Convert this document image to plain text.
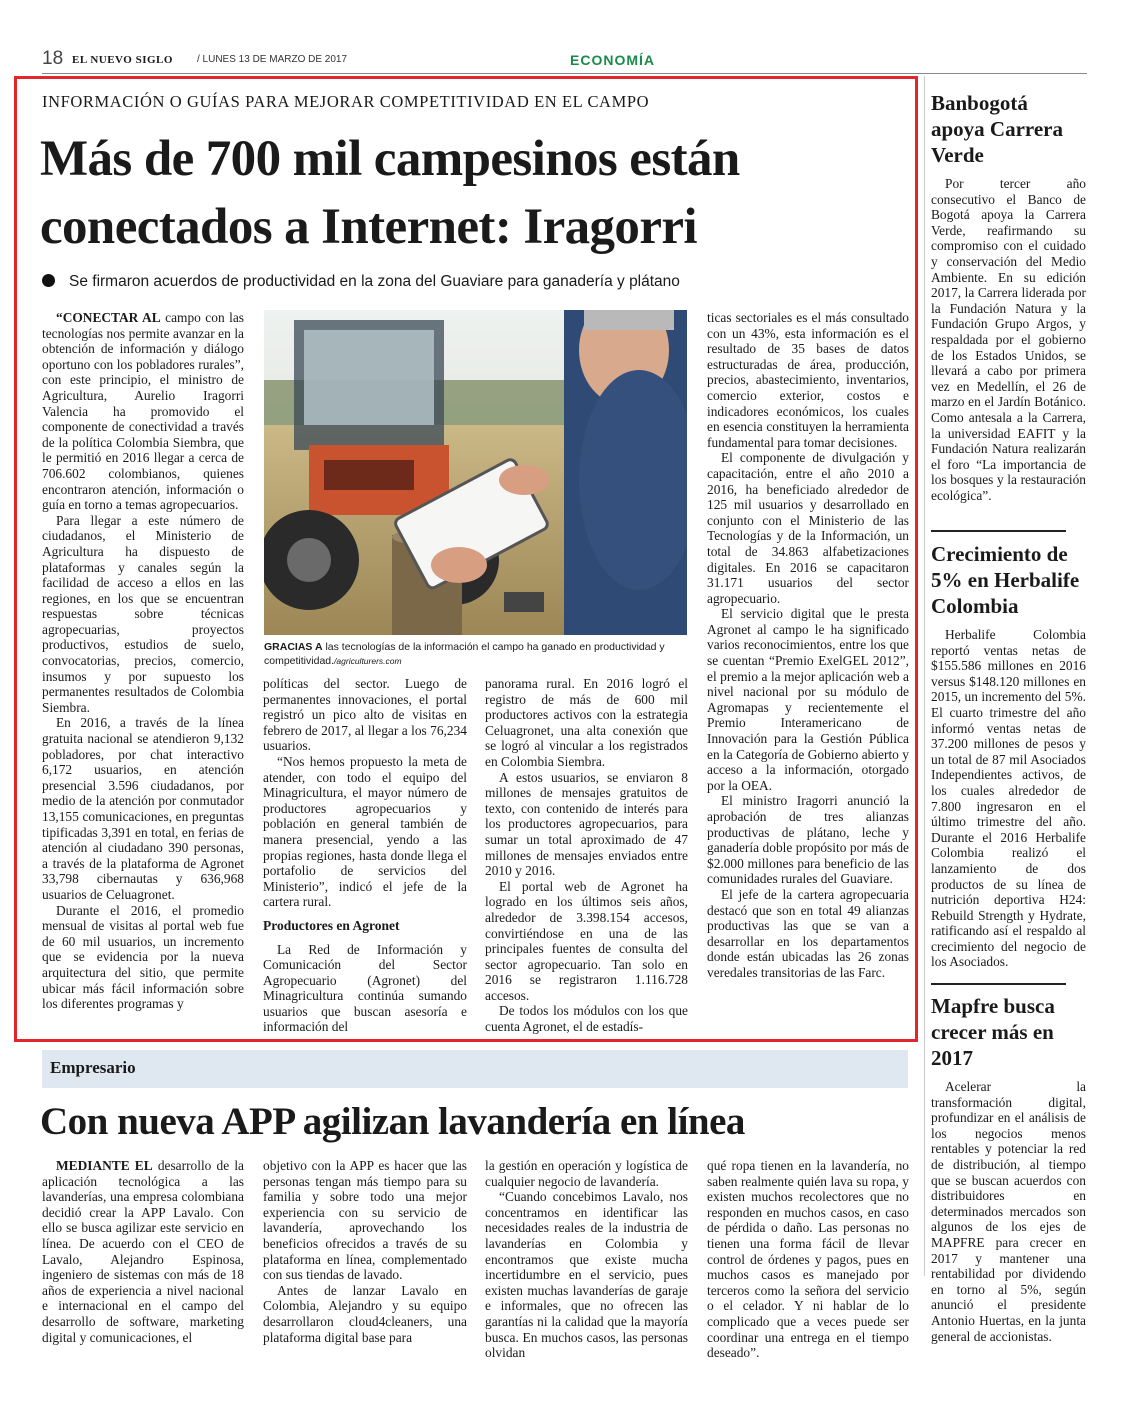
18 EL NUEVO SIGLO / LUNES 13 DE MARZO DE 2017	ECONOMÍA
INFORMACIÓN O GUÍAS PARA MEJORAR COMPETITIVIDAD EN EL CAMPO
Más de 700 mil campesinos están
conectados a Internet: Iragorri
Se firmaron acuerdos de productividad en la zona del Guaviare para ganadería y plátano

“CONECTAR AL campo con las tecnologías nos permite avanzar en la obtención de información y diálogo oportuno con los pobladores rurales”, con este principio, el ministro de Agricultura, Aurelio Iragorri Valencia ha promovido el componente de conectividad a través de la política Colombia Siembra, que le permitió en 2016 llegar a cerca de 706.602 colombianos, quienes encontraron atención, información o guía en torno a temas agropecuarios.

Para llegar a este número de ciudadanos, el Ministerio de Agricultura ha dispuesto de plataformas y canales según la facilidad de acceso a ellos en las regiones, en los que se encuentran respuestas sobre técnicas agropecuarias, proyectos productivos, estudios de suelo, convocatorias, precios, comercio, insumos y por supuesto los permanentes resultados de Colombia Siembra.

En 2016, a través de la línea gratuita nacional se atendieron 9,132 pobladores, por chat interactivo 6,172 usuarios, en atención presencial 3.596 ciudadanos, por medio de la atención por conmutador 13,155 comunicaciones, en preguntas tipificadas 3,391 en total, en ferias de atención al ciudadano 390 personas, a través de la plataforma de Agronet 33,798 cibernautas y 636,968 usuarios de Celuagronet.

Durante el 2016, el promedio mensual de visitas al portal web fue de 60 mil usuarios, un incremento que se evidencia por la nueva arquitectura del sitio, que permite ubicar más fácil información sobre los diferentes programas y

GRACIAS A las tecnologías de la información el campo ha ganado en productividad y competitividad./agriculturers.com

políticas del sector. Luego de permanentes innovaciones, el portal registró un pico alto de visitas en febrero de 2017, al llegar a los 76,234 usuarios.

“Nos hemos propuesto la meta de atender, con todo el equipo del Minagricultura, el mayor número de productores agropecuarios y población en general también de manera presencial, yendo a las propias regiones, hasta donde llega el portafolio de servicios del Ministerio”, indicó el jefe de la cartera rural.

Productores en Agronet

La Red de Información y Comunicación del Sector Agropecuario (Agronet) del Minagricultura continúa sumando usuarios que buscan asesoría e información del

panorama rural. En 2016 logró el registro de más de 600 mil productores activos con la estrategia Celuagronet, una alta conexión que se logró al vincular a los registrados en Colombia Siembra.

A estos usuarios, se enviaron 8 millones de mensajes gratuitos de texto, con contenido de interés para los productores agropecuarios, para sumar un total aproximado de 47 millones de mensajes enviados entre 2010 y 2016.

El portal web de Agronet ha logrado en los últimos seis años, alrededor de 3.398.154 accesos, convirtiéndose en una de las principales fuentes de consulta del sector agropecuario. Tan solo en 2016 se registraron 1.116.728 accesos.

De todos los módulos con los que cuenta Agronet, el de estadís-

ticas sectoriales es el más consultado con un 43%, esta información es el resultado de 35 bases de datos estructuradas de área, producción, precios, abastecimiento, inventarios, comercio exterior, costos e indicadores económicos, los cuales en esencia constituyen la herramienta fundamental para tomar decisiones.

El componente de divulgación y capacitación, entre el año 2010 a 2016, ha beneficiado alrededor de 125 mil usuarios y desarrollado en conjunto con el Ministerio de las Tecnologías y de la Información, un total de 34.863 alfabetizaciones digitales. En 2016 se capacitaron 31.171 usuarios del sector agropecuario.

El servicio digital que le presta Agronet al campo le ha significado varios reconocimientos, entre los que se cuentan “Premio ExelGEL 2012”, el premio a la mejor aplicación web a nivel nacional por su módulo de Agromapas y recientemente el Premio Interamericano de Innovación para la Gestión Pública en la Categoría de Gobierno abierto y acceso a la información, otorgado por la OEA.

El ministro Iragorri anunció la aprobación de tres alianzas productivas de plátano, leche y ganadería doble propósito por más de $2.000 millones para beneficio de las comunidades rurales del Guaviare.

El jefe de la cartera agropecuaria destacó que son en total 49 alianzas productivas las que se van a desarrollar en los departamentos donde están ubicadas las 26 zonas veredales transitorias de las Farc.

Banbogotá apoya Carrera Verde

Por tercer año consecutivo el Banco de Bogotá apoya la Carrera Verde, reafirmando su compromiso con el cuidado y conservación del Medio Ambiente. En su edición 2017, la Carrera liderada por la Fundación Natura y la Fundación Grupo Argos, y respaldada por el gobierno de los Estados Unidos, se llevará a cabo por primera vez en Medellín, el 26 de marzo en el Jardín Botánico. Como antesala a la Carrera, la universidad EAFIT y la Fundación Natura realizarán el foro “La importancia de los bosques y la restauración ecológica”.

Crecimiento de 5% en Herbalife Colombia

Herbalife Colombia reportó ventas netas de $155.586 millones en 2016 versus $148.120 millones en 2015, un incremento del 5%. El cuarto trimestre del año informó ventas netas de 37.200 millones de pesos y un total de 87 mil Asociados Independientes activos, de los cuales alrededor de 7.800 ingresaron en el último trimestre del año. Durante el 2016 Herbalife Colombia realizó el lanzamiento de dos productos de su línea de nutrición deportiva H24: Rebuild Strength y Hydrate, ratificando así el respaldo al crecimiento del negocio de los Asociados.

Mapfre busca crecer más en 2017

Acelerar la transformación digital, profundizar en el análisis de los negocios menos rentables y potenciar la red de distribución, al tiempo que se buscan acuerdos con distribuidores en determinados mercados son algunos de los ejes de MAPFRE para crecer en 2017 y mantener una rentabilidad por dividendo en torno al 5%, según anunció el presidente Antonio Huertas, en la junta general de accionistas.

Empresario
Con nueva APP agilizan lavandería en línea

MEDIANTE EL desarrollo de la aplicación tecnológica a las lavanderías, una empresa colombiana decidió crear la APP Lavalo. Con ello se busca agilizar este servicio en línea. De acuerdo con el CEO de Lavalo, Alejandro Espinosa, ingeniero de sistemas con más de 18 años de experiencia a nivel nacional e internacional en el campo del desarrollo de software, marketing digital y comunicaciones, el

objetivo con la APP es hacer que las personas tengan más tiempo para su familia y sobre todo una mejor experiencia con su servicio de lavandería, aprovechando los beneficios ofrecidos a través de su plataforma en línea, complementado con sus tiendas de lavado.

Antes de lanzar Lavalo en Colombia, Alejandro y su equipo desarrollaron cloud4cleaners, una plataforma digital base para

la gestión en operación y logística de cualquier negocio de lavandería.

“Cuando concebimos Lavalo, nos concentramos en identificar las necesidades reales de la industria de lavanderías en Colombia y encontramos que existe mucha incertidumbre en el servicio, pues existen muchas lavanderías de garaje e informales, que no ofrecen las garantías ni la calidad que la mayoría busca. En muchos casos, las personas olvidan

qué ropa tienen en la lavandería, no saben realmente quién lava su ropa, y existen muchos recolectores que no responden en muchos casos, en caso de pérdida o daño. Las personas no tienen una forma fácil de llevar control de órdenes y pagos, pues en muchos casos es manejado por terceros como la señora del servicio o el celador. Y ni hablar de lo complicado que a veces puede ser coordinar una entrega en el tiempo deseado”.
